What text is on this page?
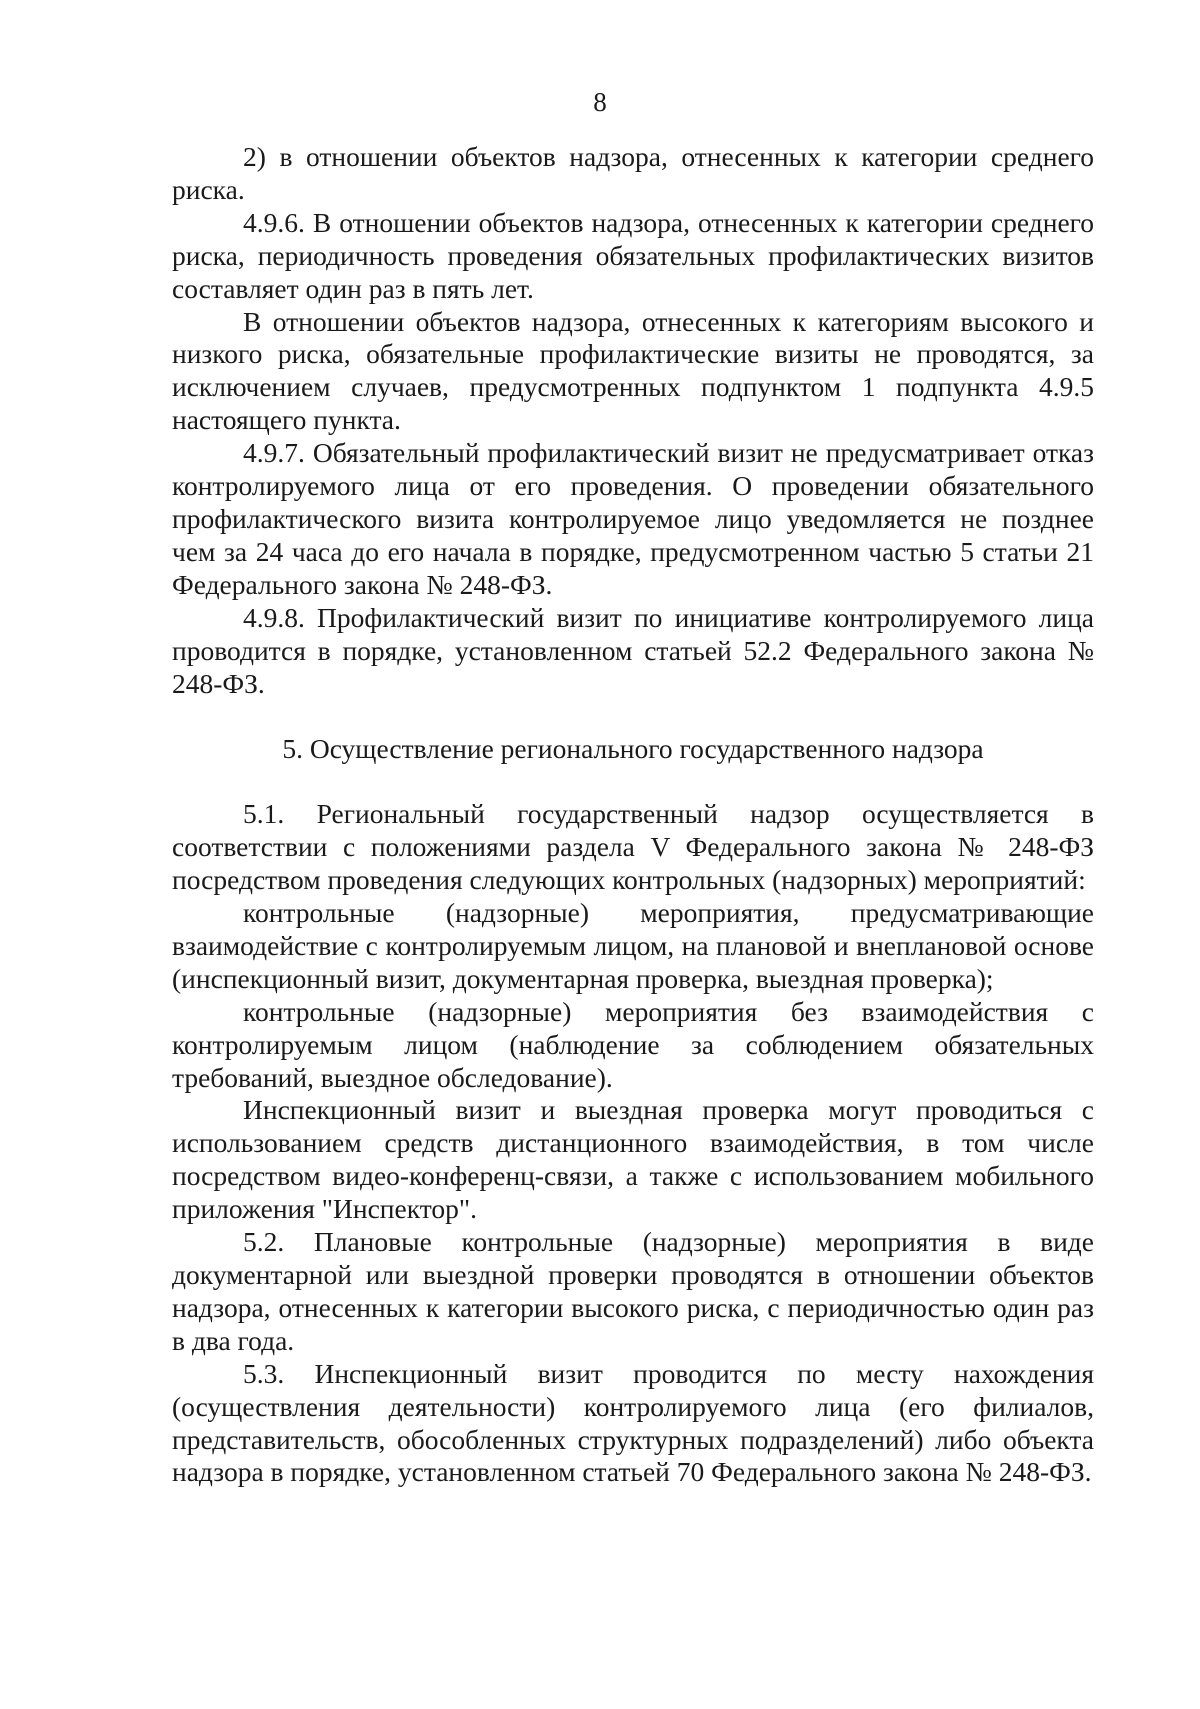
8

2) в отношении объектов надзора, отнесенных к категории среднего риска.

4.9.6. В отношении объектов надзора, отнесенных к категории среднего риска, периодичность проведения обязательных профилактических визитов составляет один раз в пять лет.

В отношении объектов надзора, отнесенных к категориям высокого и низкого риска, обязательные профилактические визиты не проводятся, за исключением случаев, предусмотренных подпунктом 1 подпункта 4.9.5 настоящего пункта.

4.9.7. Обязательный профилактический визит не предусматривает отказ контролируемого лица от его проведения. О проведении обязательного профилактического визита контролируемое лицо уведомляется не позднее чем за 24 часа до его начала в порядке, предусмотренном частью 5 статьи 21 Федерального закона № 248-ФЗ.

4.9.8. Профилактический визит по инициативе контролируемого лица проводится в порядке, установленном статьей 52.2 Федерального закона № 248-ФЗ.

5. Осуществление регионального государственного надзора

5.1. Региональный государственный надзор осуществляется в соответствии с положениями раздела V Федерального закона № 248-ФЗ посредством проведения следующих контрольных (надзорных) мероприятий:

контрольные (надзорные) мероприятия, предусматривающие взаимодействие с контролируемым лицом, на плановой и внеплановой основе (инспекционный визит, документарная проверка, выездная проверка);

контрольные (надзорные) мероприятия без взаимодействия с контролируемым лицом (наблюдение за соблюдением обязательных требований, выездное обследование).

Инспекционный визит и выездная проверка могут проводиться с использованием средств дистанционного взаимодействия, в том числе посредством видео-конференц-связи, а также с использованием мобильного приложения "Инспектор".

5.2. Плановые контрольные (надзорные) мероприятия в виде документарной или выездной проверки проводятся в отношении объектов надзора, отнесенных к категории высокого риска, с периодичностью один раз в два года.

5.3. Инспекционный визит проводится по месту нахождения (осуществления деятельности) контролируемого лица (его филиалов, представительств, обособленных структурных подразделений) либо объекта надзора в порядке, установленном статьей 70 Федерального закона № 248-ФЗ.
